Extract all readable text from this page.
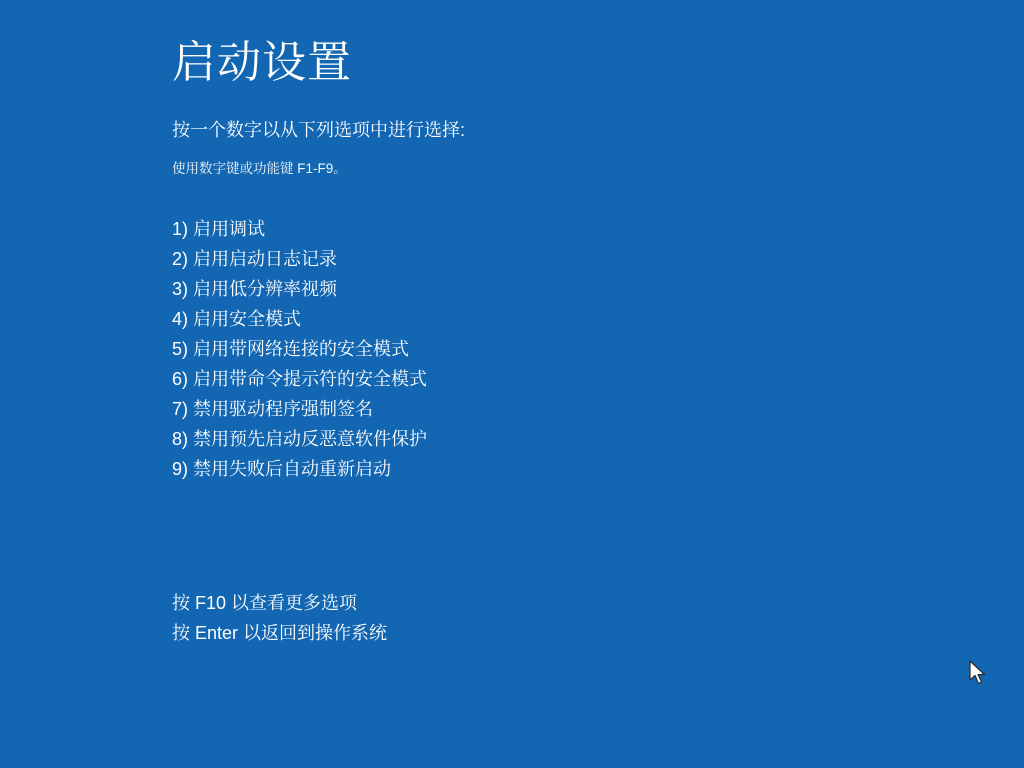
启动设置

按一个数字以从下列选项中进行选择:

使用数字键或功能键 F1-F9。

1) 启用调试
2) 启用启动日志记录
3) 启用低分辨率视频
4) 启用安全模式
5) 启用带网络连接的安全模式
6) 启用带命令提示符的安全模式
7) 禁用驱动程序强制签名
8) 禁用预先启动反恶意软件保护
9) 禁用失败后自动重新启动
按 F10 以查看更多选项
按 Enter 以返回到操作系统
